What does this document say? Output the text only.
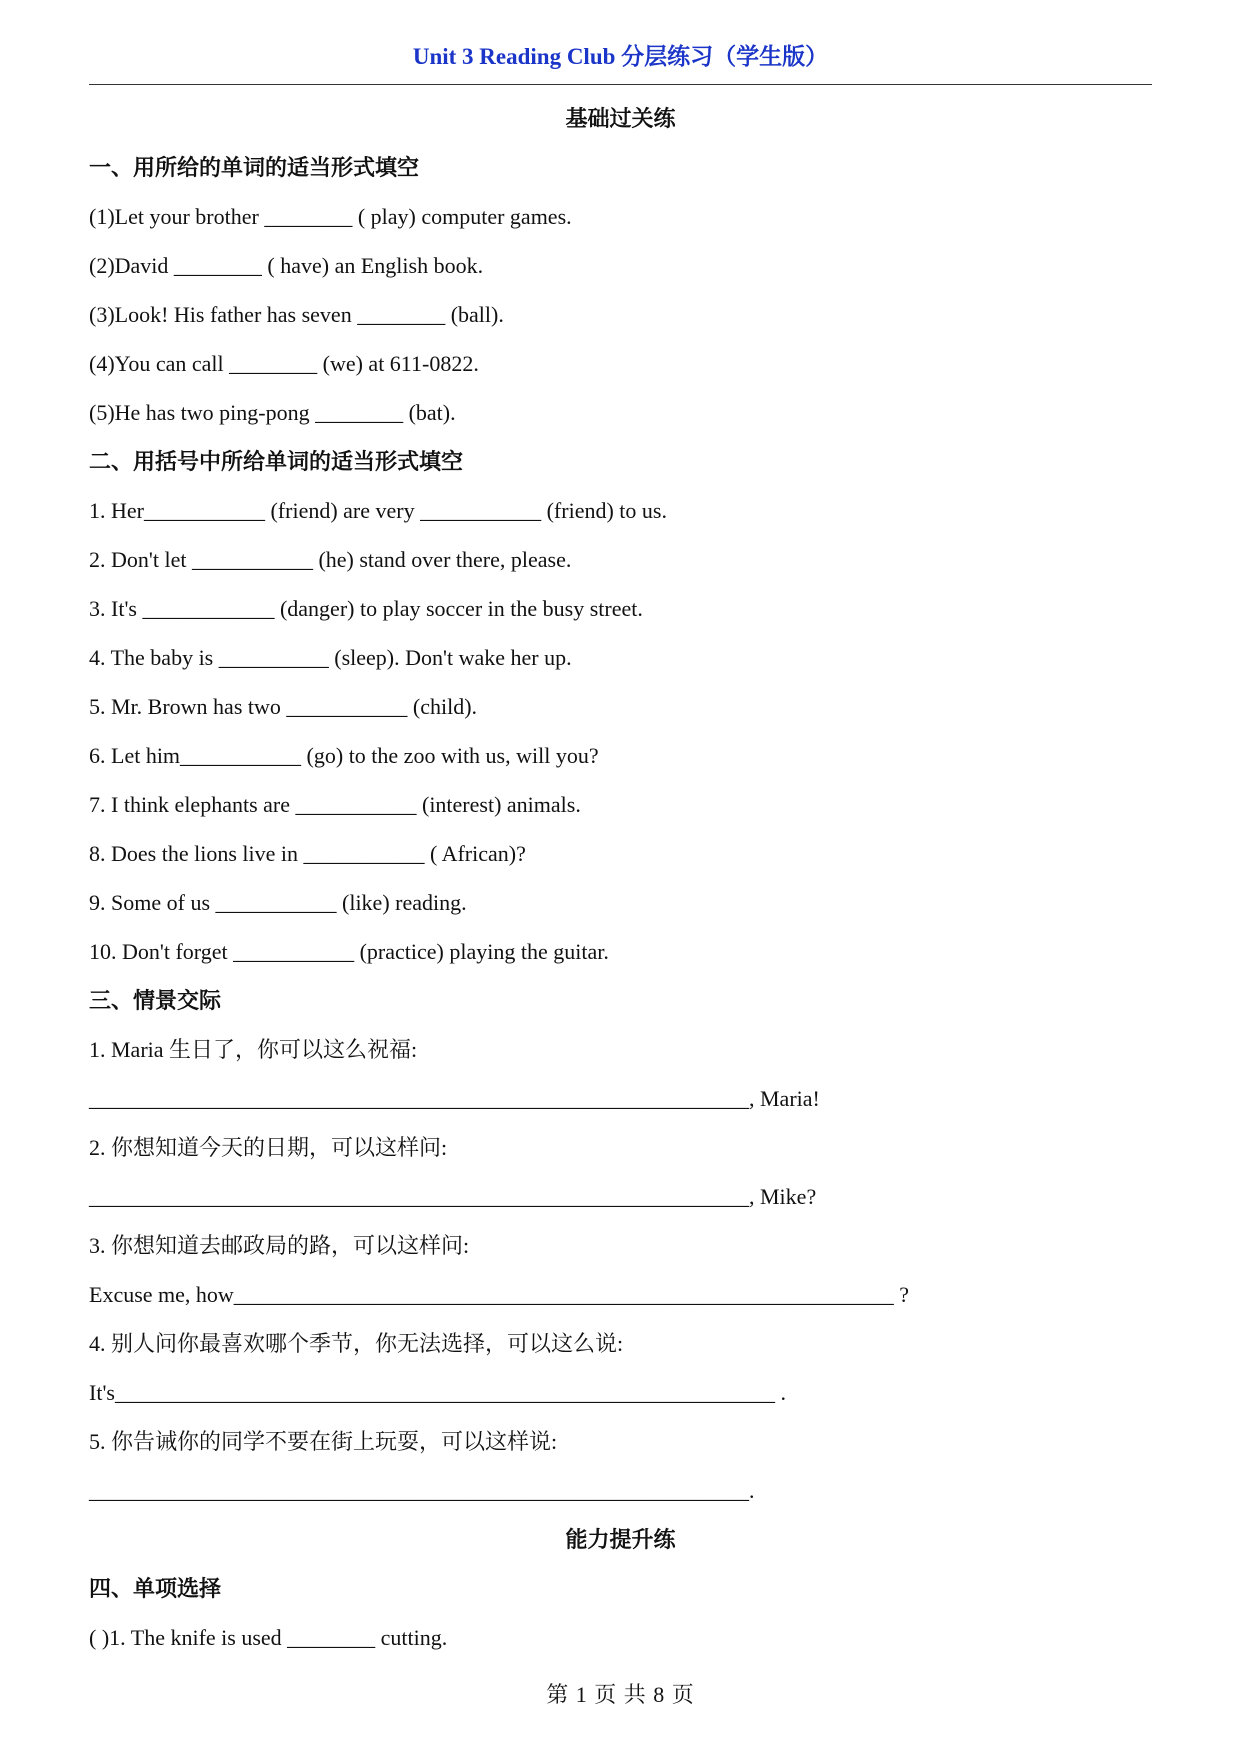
Unit 3 Reading Club 分层练习（学生版）
基础过关练
一、用所给的单词的适当形式填空
(1)Let your brother ________ ( play) computer games.
(2)David ________ ( have) an English book.
(3)Look! His father has seven ________ (ball).
(4)You can call ________ (we) at 611-0822.
(5)He has two ping-pong ________ (bat).
二、用括号中所给单词的适当形式填空
1. Her___________ (friend) are very ___________ (friend) to us.
2. Don't let ___________ (he) stand over there, please.
3. It's ____________ (danger) to play soccer in the busy street.
4. The baby is __________ (sleep). Don't wake her up.
5. Mr. Brown has two ___________ (child).
6. Let him___________ (go) to the zoo with us, will you?
7. I think elephants are ___________ (interest) animals.
8. Does the lions live in ___________ ( African)?
9. Some of us ___________ (like) reading.
10. Don't forget ___________ (practice) playing the guitar.
三、情景交际
1. Maria 生日了，你可以这么祝福:
____________________________________________________________, Maria!
2. 你想知道今天的日期，可以这样问:
____________________________________________________________, Mike?
3. 你想知道去邮政局的路，可以这样问:
Excuse me, how____________________________________________________________ ?
4. 别人问你最喜欢哪个季节，你无法选择，可以这么说:
It's____________________________________________________________ .
5. 你告诫你的同学不要在街上玩耍，可以这样说:
____________________________________________________________.
能力提升练
四、单项选择
( )1. The knife is used ________ cutting.
第 1 页 共 8 页
